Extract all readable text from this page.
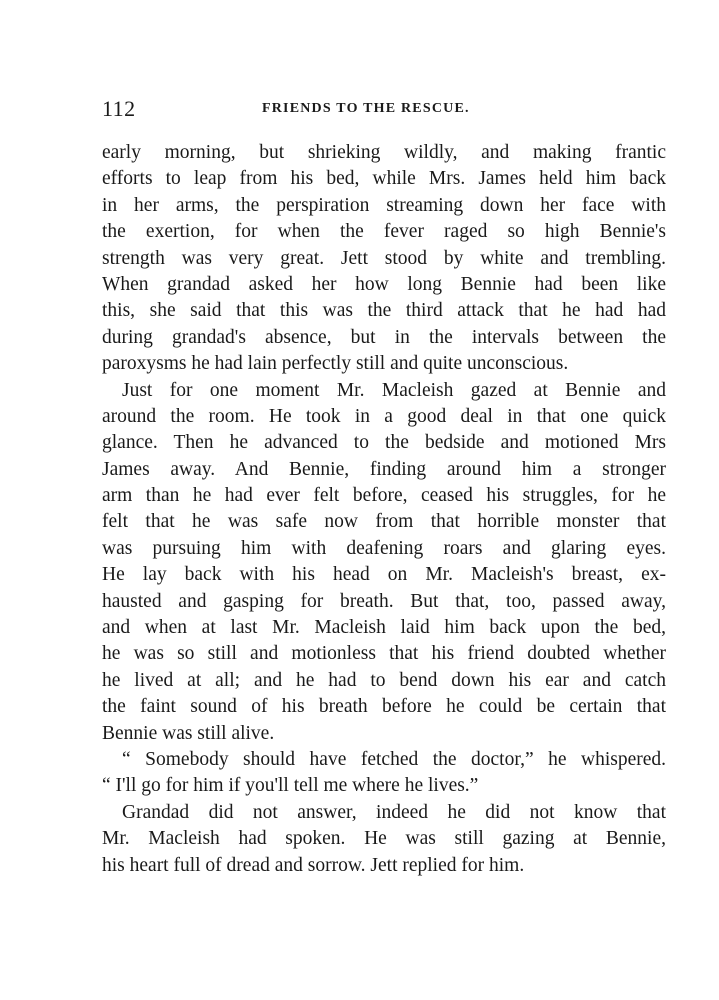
112	FRIENDS TO THE RESCUE.
early morning, but shrieking wildly, and making frantic
efforts to leap from his bed, while Mrs. James held him back
in her arms, the perspiration streaming down her face with
the exertion, for when the fever raged so high Bennie's
strength was very great. Jett stood by white and trembling.
When grandad asked her how long Bennie had been like
this, she said that this was the third attack that he had had
during grandad's absence, but in the intervals between the
paroxysms he had lain perfectly still and quite unconscious.
Just for one moment Mr. Macleish gazed at Bennie and
around the room. He took in a good deal in that one quick
glance. Then he advanced to the bedside and motioned Mrs
James away. And Bennie, finding around him a stronger
arm than he had ever felt before, ceased his struggles, for he
felt that he was safe now from that horrible monster that
was pursuing him with deafening roars and glaring eyes.
He lay back with his head on Mr. Macleish's breast, ex-
hausted and gasping for breath. But that, too, passed away,
and when at last Mr. Macleish laid him back upon the bed,
he was so still and motionless that his friend doubted whether
he lived at all; and he had to bend down his ear and catch
the faint sound of his breath before he could be certain that
Bennie was still alive.
“ Somebody should have fetched the doctor,” he whispered.
“ I'll go for him if you'll tell me where he lives.”
Grandad did not answer, indeed he did not know that
Mr. Macleish had spoken. He was still gazing at Bennie,
his heart full of dread and sorrow. Jett replied for him.
